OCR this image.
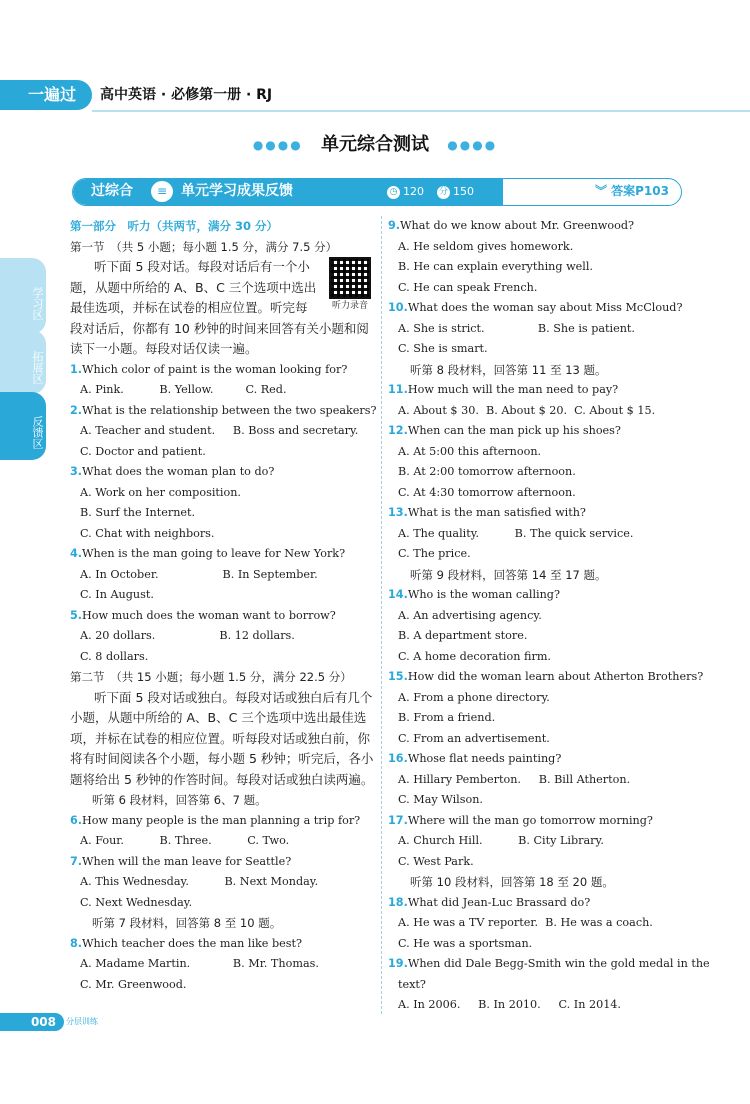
一遍过	高中英语 · 必修第一册 · RJ
●●●● 单元综合测试 ●●●●
过综合	≡ 单元学习成果反馈	◷ 120 分 150	︾ 答案P103
学习区
拓展区
反馈区
第一部分　听力（共两节，满分 30 分）
第一节　（共 5 小题；每小题 1.5 分，满分 7.5 分）
听力录音
听下面 5 段对话。每段对话后有一个小题，从题中所给的 A、B、C 三个选项中选出最佳选项，并标在试卷的相应位置。听完每段对话后，你都有 10 秒钟的时间来回答有关小题和阅读下一小题。每段对话仅读一遍。
1.Which color of paint is the woman looking for?
A. Pink.          B. Yellow.         C. Red.
2.What is the relationship between the two speakers?
A. Teacher and student.     B. Boss and secretary.
C. Doctor and patient.
3.What does the woman plan to do?
A. Work on her composition.
B. Surf the Internet.
C. Chat with neighbors.
4.When is the man going to leave for New York?
A. In October.                  B. In September.
C. In August.
5.How much does the woman want to borrow?
A. 20 dollars.                  B. 12 dollars.
C. 8 dollars.
第二节　（共 15 小题；每小题 1.5 分，满分 22.5 分）
听下面 5 段对话或独白。每段对话或独白后有几个小题，从题中所给的 A、B、C 三个选项中选出最佳选项，并标在试卷的相应位置。听每段对话或独白前，你将有时间阅读各个小题，每小题 5 秒钟；听完后，各小题将给出 5 秒钟的作答时间。每段对话或独白读两遍。
听第 6 段材料，回答第 6、7 题。
6.How many people is the man planning a trip for?
A. Four.          B. Three.          C. Two.
7.When will the man leave for Seattle?
A. This Wednesday.          B. Next Monday.
C. Next Wednesday.
听第 7 段材料，回答第 8 至 10 题。
8.Which teacher does the man like best?
A. Madame Martin.            B. Mr. Thomas.
C. Mr. Greenwood.
9.What do we know about Mr. Greenwood?
A. He seldom gives homework.
B. He can explain everything well.
C. He can speak French.
10.What does the woman say about Miss McCloud?
A. She is strict.               B. She is patient.
C. She is smart.
听第 8 段材料，回答第 11 至 13 题。
11.How much will the man need to pay?
A. About $ 30.  B. About $ 20.  C. About $ 15.
12.When can the man pick up his shoes?
A. At 5:00 this afternoon.
B. At 2:00 tomorrow afternoon.
C. At 4:30 tomorrow afternoon.
13.What is the man satisfied with?
A. The quality.          B. The quick service.
C. The price.
听第 9 段材料，回答第 14 至 17 题。
14.Who is the woman calling?
A. An advertising agency.
B. A department store.
C. A home decoration firm.
15.How did the woman learn about Atherton Brothers?
A. From a phone directory.
B. From a friend.
C. From an advertisement.
16.Whose flat needs painting?
A. Hillary Pemberton.     B. Bill Atherton.
C. May Wilson.
17.Where will the man go tomorrow morning?
A. Church Hill.          B. City Library.
C. West Park.
听第 10 段材料，回答第 18 至 20 题。
18.What did Jean-Luc Brassard do?
A. He was a TV reporter.  B. He was a coach.
C. He was a sportsman.
19.When did Dale Begg-Smith win the gold medal in the
text?
A. In 2006.     B. In 2010.     C. In 2014.
008	分层训练
